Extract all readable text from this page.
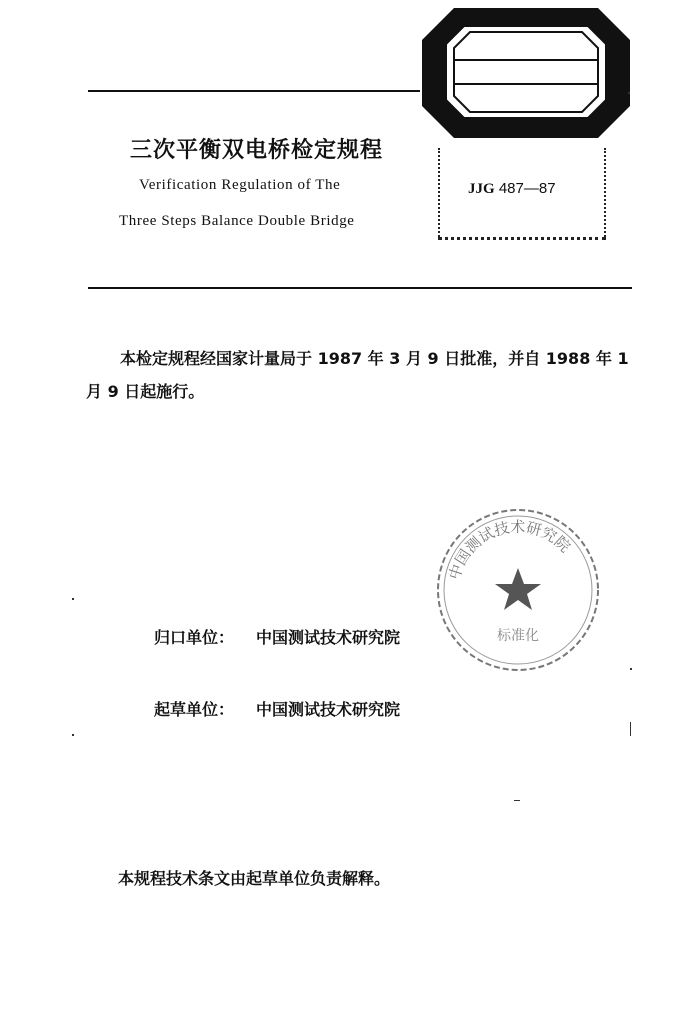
三次平衡双电桥检定规程
Verification Regulation of The
Three Steps Balance Double Bridge
JJG 487—87
本检定规程经国家计量局于 1987 年 3 月 9 日批准，并自 1988 年 1 月 9 日起施行。
中国测试技术研究院
标准化
归口单位： 中国测试技术研究院
起草单位： 中国测试技术研究院
本规程技术条文由起草单位负责解释。
